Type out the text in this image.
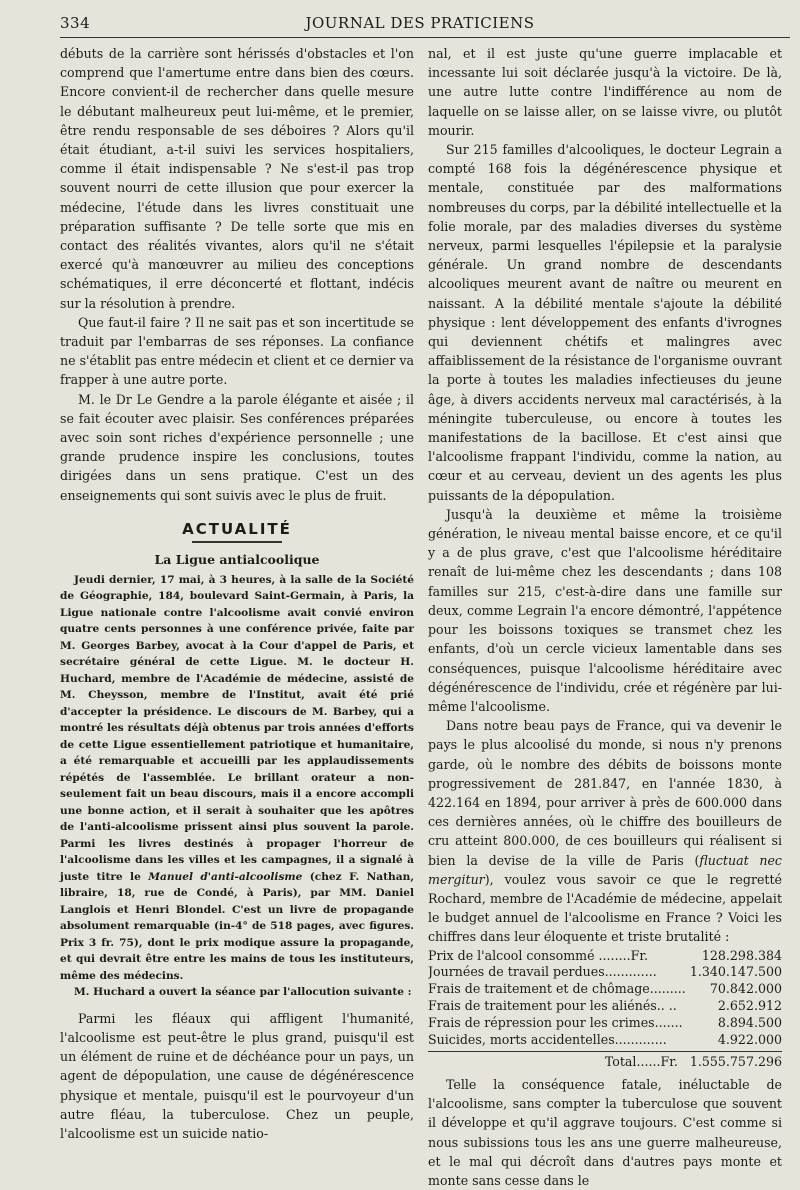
334	JOURNAL DES PRATICIENS

débuts de la carrière sont hérissés d'obstacles et l'on comprend que l'amertume entre dans bien des cœurs. Encore convient-il de rechercher dans quelle mesure le débutant malheureux peut lui-même, et le premier, être rendu responsable de ses déboires ? Alors qu'il était étudiant, a-t-il suivi les services hospitaliers, comme il était indispensable ? Ne s'est-il pas trop souvent nourri de cette illusion que pour exercer la médecine, l'étude dans les livres constituait une préparation suffisante ? De telle sorte que mis en contact des réalités vivantes, alors qu'il ne s'était exercé qu'à manœuvrer au milieu des conceptions schématiques, il erre déconcerté et flottant, indécis sur la résolution à prendre.

Que faut-il faire ? Il ne sait pas et son incertitude se traduit par l'embarras de ses réponses. La confiance ne s'établit pas entre médecin et client et ce dernier va frapper à une autre porte.

M. le Dr Le Gendre a la parole élégante et aisée ; il se fait écouter avec plaisir. Ses conférences préparées avec soin sont riches d'expérience personnelle ; une grande prudence inspire les conclusions, toutes dirigées dans un sens pratique. C'est un des enseignements qui sont suivis avec le plus de fruit.

ACTUALITÉ
La Ligue antialcoolique

Jeudi dernier, 17 mai, à 3 heures, à la salle de la Société de Géographie, 184, boulevard Saint-Germain, à Paris, la Ligue nationale contre l'alcoolisme avait convié environ quatre cents personnes à une conférence privée, faite par M. Georges Barbey, avocat à la Cour d'appel de Paris, et secrétaire général de cette Ligue. M. le docteur H. Huchard, membre de l'Académie de médecine, assisté de M. Cheysson, membre de l'Institut, avait été prié d'accepter la présidence. Le discours de M. Barbey, qui a montré les résultats déjà obtenus par trois années d'efforts de cette Ligue essentiellement patriotique et humanitaire, a été remarquable et accueilli par les applaudissements répétés de l'assemblée. Le brillant orateur a non-seulement fait un beau discours, mais il a encore accompli une bonne action, et il serait à souhaiter que les apôtres de l'anti-alcoolisme prissent ainsi plus souvent la parole. Parmi les livres destinés à propager l'horreur de l'alcoolisme dans les villes et les campagnes, il a signalé à juste titre le Manuel d'anti-alcoolisme (chez F. Nathan, libraire, 18, rue de Condé, à Paris), par MM. Daniel Langlois et Henri Blondel. C'est un livre de propagande absolument remarquable (in-4° de 518 pages, avec figures. Prix 3 fr. 75), dont le prix modique assure la propagande, et qui devrait être entre les mains de tous les instituteurs, même des médecins.

M. Huchard a ouvert la séance par l'allocution suivante :

Parmi les fléaux qui affligent l'humanité, l'alcoolisme est peut-être le plus grand, puisqu'il est un élément de ruine et de déchéance pour un pays, un agent de dépopulation, une cause de dégénérescence physique et mentale, puisqu'il est le pourvoyeur d'un autre fléau, la tuberculose. Chez un peuple, l'alcoolisme est un suicide natio-

nal, et il est juste qu'une guerre implacable et incessante lui soit déclarée jusqu'à la victoire. De là, une autre lutte contre l'indifférence au nom de laquelle on se laisse aller, on se laisse vivre, ou plutôt mourir.

Sur 215 familles d'alcooliques, le docteur Legrain a compté 168 fois la dégénérescence physique et mentale, constituée par des malformations nombreuses du corps, par la débilité intellectuelle et la folie morale, par des maladies diverses du système nerveux, parmi lesquelles l'épilepsie et la paralysie générale. Un grand nombre de descendants alcooliques meurent avant de naître ou meurent en naissant. A la débilité mentale s'ajoute la débilité physique : lent développement des enfants d'ivrognes qui deviennent chétifs et malingres avec affaiblissement de la résistance de l'organisme ouvrant la porte à toutes les maladies infectieuses du jeune âge, à divers accidents nerveux mal caractérisés, à la méningite tuberculeuse, ou encore à toutes les manifestations de la bacillose. Et c'est ainsi que l'alcoolisme frappant l'individu, comme la nation, au cœur et au cerveau, devient un des agents les plus puissants de la dépopulation.

Jusqu'à la deuxième et même la troisième génération, le niveau mental baisse encore, et ce qu'il y a de plus grave, c'est que l'alcoolisme héréditaire renaît de lui-même chez les descendants ; dans 108 familles sur 215, c'est-à-dire dans une famille sur deux, comme Legrain l'a encore démontré, l'appétence pour les boissons toxiques se transmet chez les enfants, d'où un cercle vicieux lamentable dans ses conséquences, puisque l'alcoolisme héréditaire avec dégénérescence de l'individu, crée et régénère par lui-même l'alcoolisme.

Dans notre beau pays de France, qui va devenir le pays le plus alcoolisé du monde, si nous n'y prenons garde, où le nombre des débits de boissons monte progressivement de 281.847, en l'année 1830, à 422.164 en 1894, pour arriver à près de 600.000 dans ces dernières années, où le chiffre des bouilleurs de cru atteint 800.000, de ces bouilleurs qui réalisent si bien la devise de la ville de Paris (fluctuat nec mergitur), voulez vous savoir ce que le regretté Rochard, membre de l'Académie de médecine, appelait le budget annuel de l'alcoolisme en France ? Voici les chiffres dans leur éloquente et triste brutalité :

Prix de l'alcool consommé ........Fr.	128.298.384
Journées de travail perdues.............	1.340.147.500
Frais de traitement et de chômage......... 70.842.000
Frais de traitement pour les aliénés.. ..	2.652.912
Frais de répression pour les crimes.......	8.894.500
Suicides, morts accidentelles.............	4.922.000
Total......Fr. 1.555.757.296

Telle la conséquence fatale, inéluctable de l'alcoolisme, sans compter la tuberculose que souvent il développe et qu'il aggrave toujours. C'est comme si nous subissions tous les ans une guerre malheureuse, et le mal qui décroît dans d'autres pays monte et monte sans cesse dans le
